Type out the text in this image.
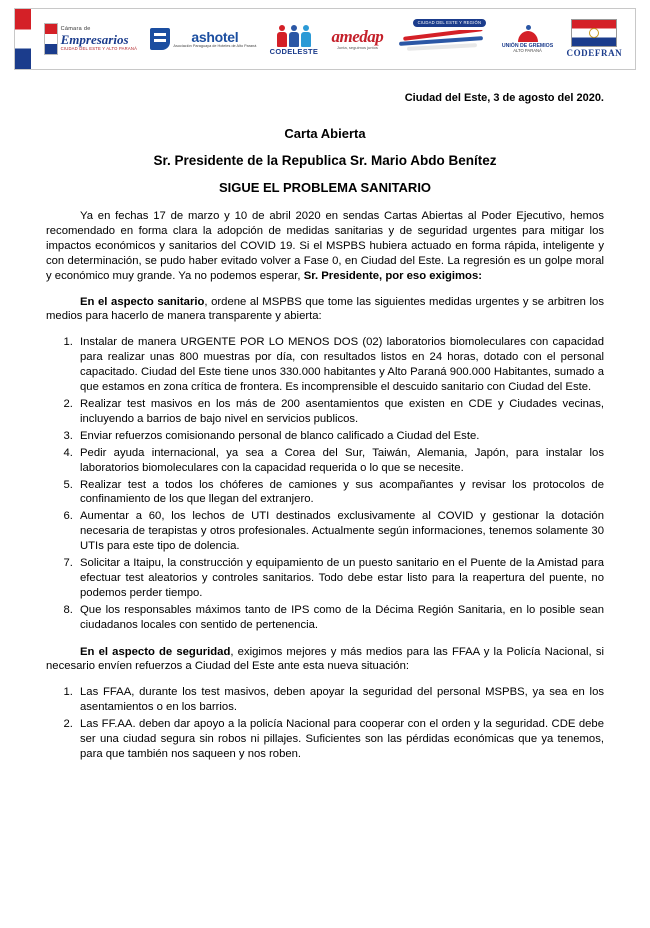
Cámara de
Empresarios
CIUDAD DEL ESTE Y ALTO PARANÁ
ashotel
Asociación Paraguaya de Hoteles de Alto Paraná
CODELESTE
amedap
Junta, seguimos juntos
CIUDAD DEL ESTE Y REGIÓN
UNIÓN DE GREMIOS
ALTO PARANÁ	CODEFRAN
Ciudad del Este, 3 de agosto del 2020.
Carta Abierta
Sr. Presidente de la Republica Sr. Mario Abdo Benítez
SIGUE EL PROBLEMA SANITARIO

Ya en fechas 17 de marzo y 10 de abril 2020 en sendas Cartas Abiertas al Poder Ejecutivo, hemos recomendado en forma clara la adopción de medidas sanitarias y de seguridad urgentes para mitigar los impactos económicos y sanitarios del COVID 19. Si el MSPBS hubiera actuado en forma rápida, inteligente y con determinación, se pudo haber evitado volver a Fase 0, en Ciudad del Este. La regresión es un golpe moral y económico muy grande. Ya no podemos esperar, Sr. Presidente, por eso exigimos:

En el aspecto sanitario, ordene al MSPBS que tome las siguientes medidas urgentes y se arbitren los medios para hacerlo de manera transparente y abierta:

1. Instalar de manera URGENTE POR LO MENOS DOS (02) laboratorios biomoleculares con capacidad para realizar unas 800 muestras por día, con resultados listos en 24 horas, dotado con el personal capacitado. Ciudad del Este tiene unos 330.000 habitantes y Alto Paraná 900.000 Habitantes, sumado a que estamos en zona crítica de frontera. Es incomprensible el descuido sanitario con Ciudad del Este.
2. Realizar test masivos en los más de 200 asentamientos que existen en CDE y Ciudades vecinas, incluyendo a barrios de bajo nivel en servicios publicos.
3. Enviar refuerzos comisionando personal de blanco calificado a Ciudad del Este.
4. Pedir ayuda internacional, ya sea a Corea del Sur, Taiwán, Alemania, Japón, para instalar los laboratorios biomoleculares con la capacidad requerida o lo que se necesite.
5. Realizar test a todos los chóferes de camiones y sus acompañantes y revisar los protocolos de confinamiento de los que llegan del extranjero.
6. Aumentar a 60, los lechos de UTI destinados exclusivamente al COVID y gestionar la dotación necesaria de terapistas y otros profesionales. Actualmente según informaciones, tenemos solamente 30 UTIs para este tipo de dolencia.
7. Solicitar a Itaipu, la construcción y equipamiento de un puesto sanitario en el Puente de la Amistad para efectuar test aleatorios y controles sanitarios. Todo debe estar listo para la reapertura del puente, no podemos perder tiempo.
8. Que los responsables máximos tanto de IPS como de la Décima Región Sanitaria, en lo posible sean ciudadanos locales con sentido de pertenencia.

En el aspecto de seguridad, exigimos mejores y más medios para las FFAA y la Policía Nacional, si necesario envíen refuerzos a Ciudad del Este ante esta nueva situación:

1. Las FFAA, durante los test masivos, deben apoyar la seguridad del personal MSPBS, ya sea en los asentamientos o en los barrios.
2. Las FF.AA. deben dar apoyo a la policía Nacional para cooperar con el orden y la seguridad. CDE debe ser una ciudad segura sin robos ni pillajes. Suficientes son las pérdidas económicas que ya tenemos, para que también nos saqueen y nos roben.
